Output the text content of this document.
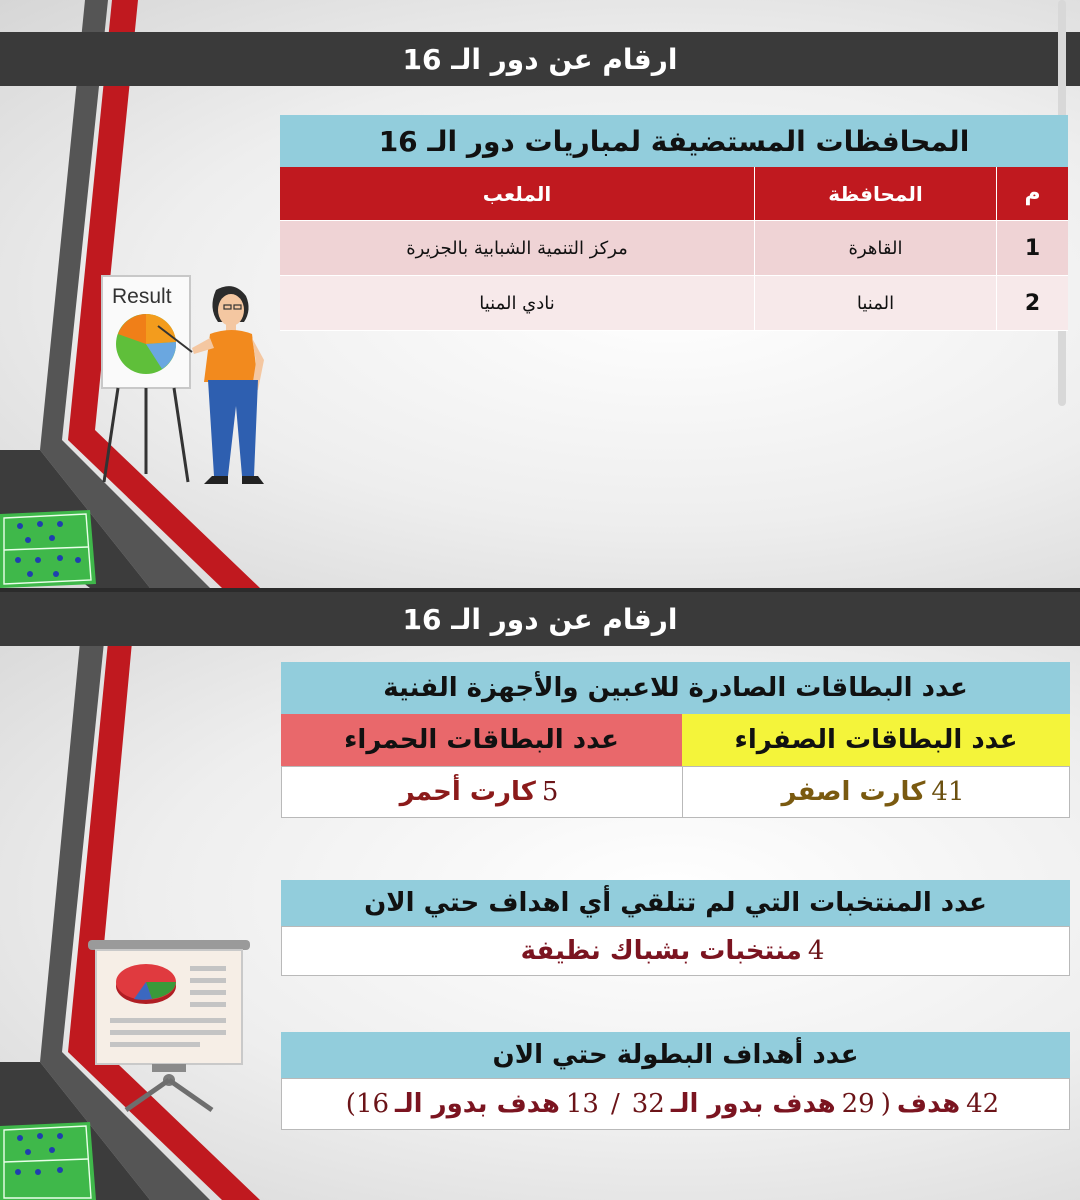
ارقام عن دور الـ 16
Result
المحافظات المستضيفة لمباريات دور الـ 16
م
المحافظة
الملعب
1
القاهرة
مركز التنمية الشبابية بالجزيرة
2
المنيا
نادي المنيا
ارقام عن دور الـ 16
عدد البطاقات الصادرة للاعبين والأجهزة الفنية
عدد البطاقات الصفراء
عدد البطاقات الحمراء
41
كارت اصفر
5
كارت أحمر
عدد المنتخبات التي لم تتلقي أي اهداف حتي الان
4
منتخبات بشباك نظيفة
عدد أهداف البطولة حتي الان
42
هدف
(
29
هدف بدور الـ
32
/
13
هدف بدور الـ
16
)
